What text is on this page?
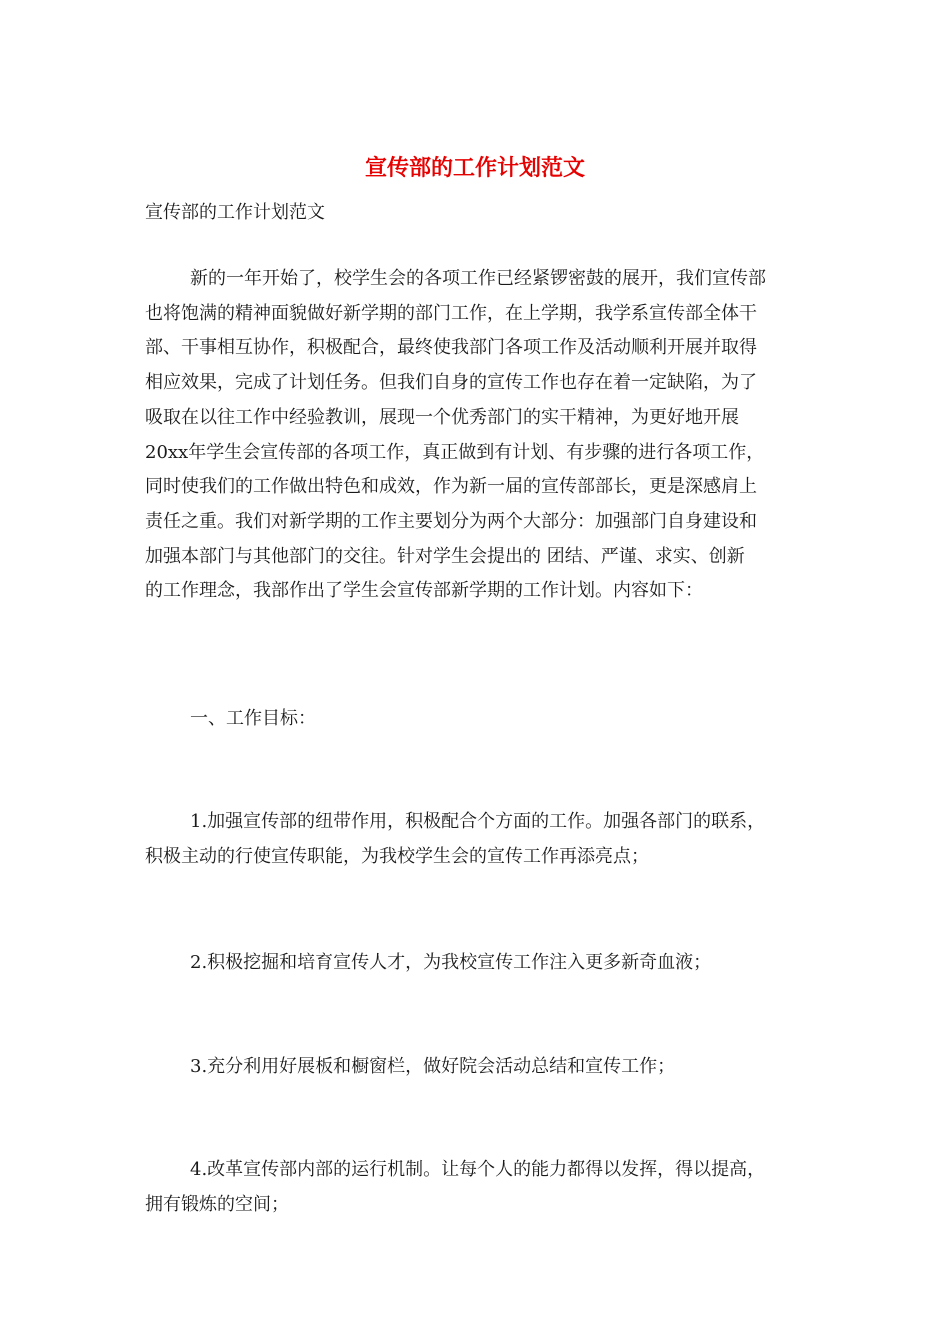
宣传部的工作计划范文

宣传部的工作计划范文

新的一年开始了，校学生会的各项工作已经紧锣密鼓的展开，我们宣传部
也将饱满的精神面貌做好新学期的部门工作，在上学期，我学系宣传部全体干
部、干事相互协作，积极配合，最终使我部门各项工作及活动顺利开展并取得
相应效果，完成了计划任务。但我们自身的宣传工作也存在着一定缺陷，为了
吸取在以往工作中经验教训，展现一个优秀部门的实干精神，为更好地开展
20xx年学生会宣传部的各项工作，真正做到有计划、有步骤的进行各项工作，
同时使我们的工作做出特色和成效，作为新一届的宣传部部长，更是深感肩上
责任之重。我们对新学期的工作主要划分为两个大部分：加强部门自身建设和
加强本部门与其他部门的交往。针对学生会提出的 团结、严谨、求实、创新
的工作理念，我部作出了学生会宣传部新学期的工作计划。内容如下：

一、工作目标：

1.加强宣传部的纽带作用，积极配合个方面的工作。加强各部门的联系，
积极主动的行使宣传职能，为我校学生会的宣传工作再添亮点；

2.积极挖掘和培育宣传人才，为我校宣传工作注入更多新奇血液；

3.充分利用好展板和橱窗栏，做好院会活动总结和宣传工作；

4.改革宣传部内部的运行机制。让每个人的能力都得以发挥，得以提高，
拥有锻炼的空间；
